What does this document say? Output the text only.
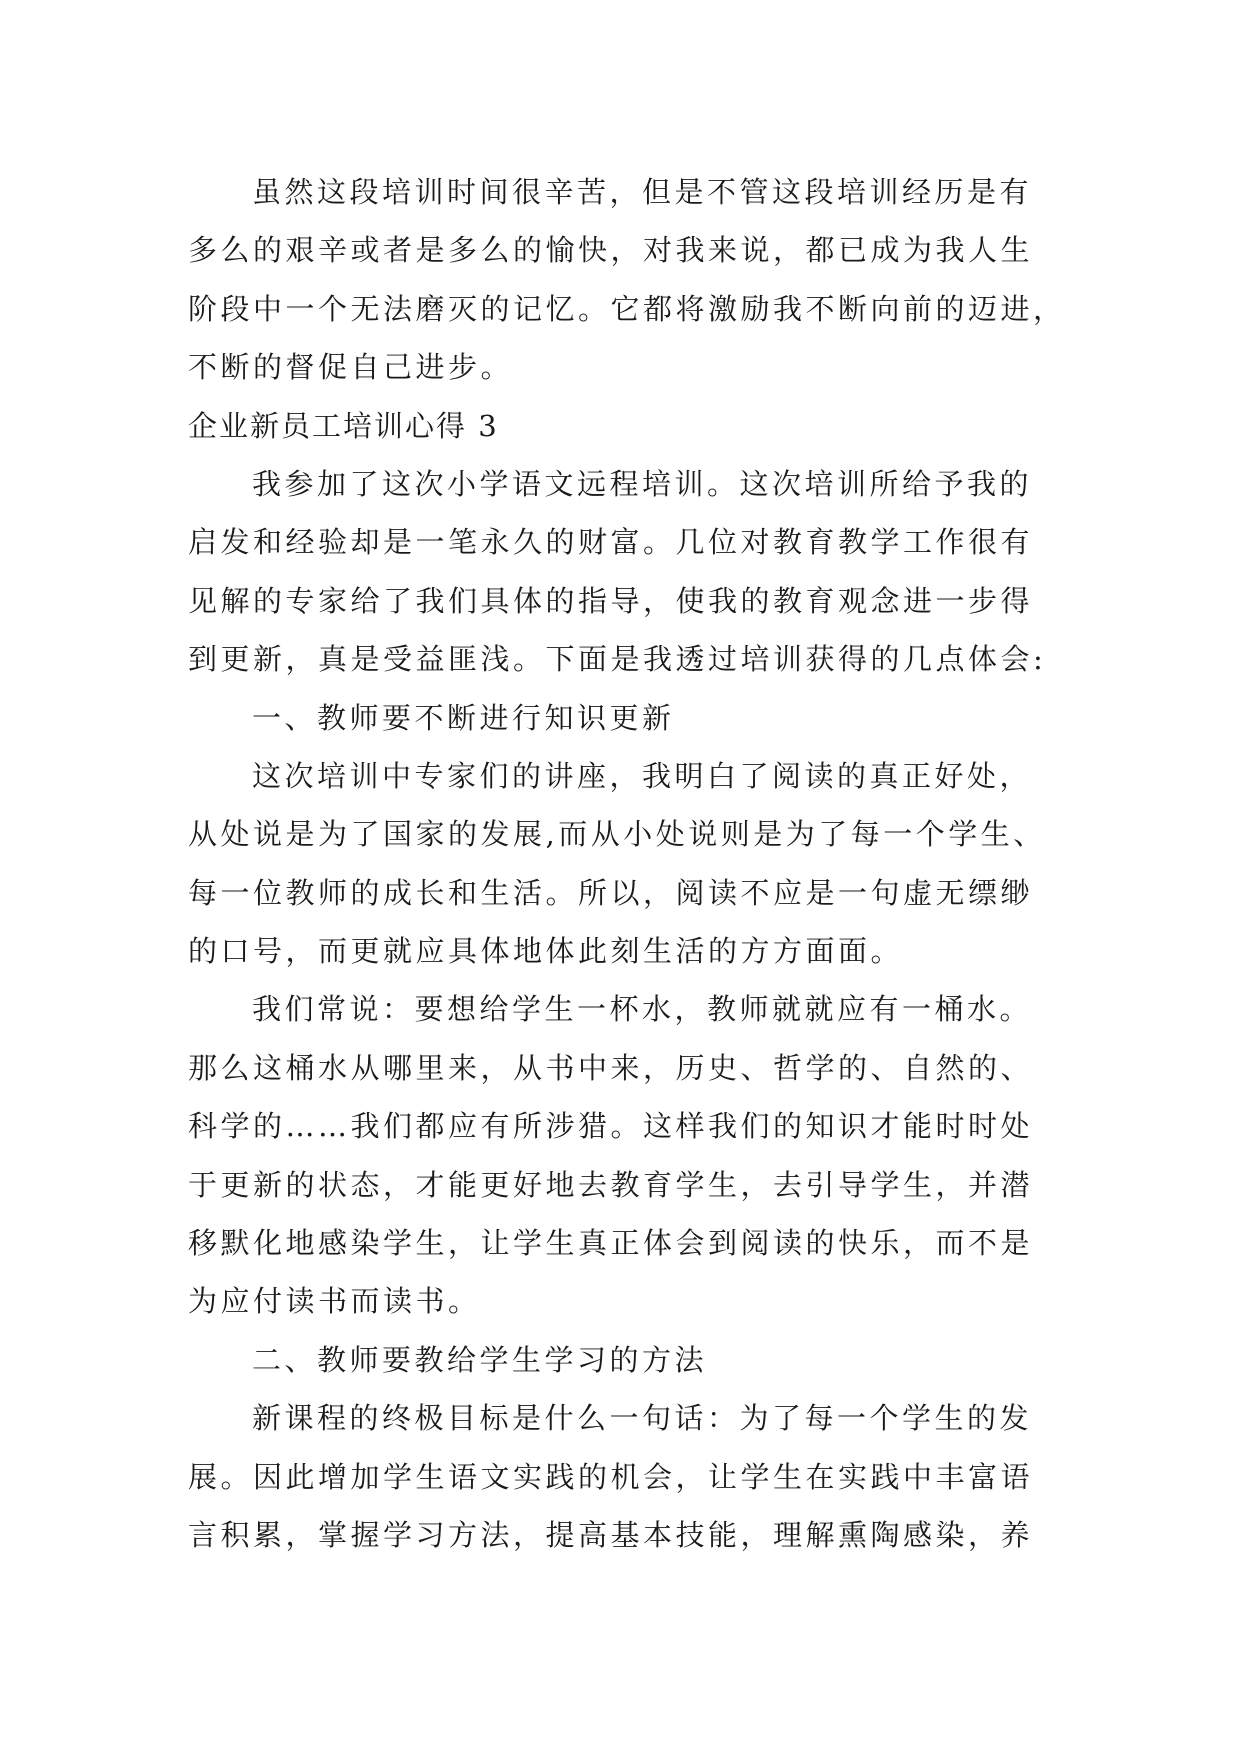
虽然这段培训时间很辛苦，但是不管这段培训经历是有
多么的艰辛或者是多么的愉快，对我来说，都已成为我人生
阶段中一个无法磨灭的记忆。它都将激励我不断向前的迈进，
不断的督促自己进步。
企业新员工培训心得 3
我参加了这次小学语文远程培训。这次培训所给予我的
启发和经验却是一笔永久的财富。几位对教育教学工作很有
见解的专家给了我们具体的指导，使我的教育观念进一步得
到更新，真是受益匪浅。下面是我透过培训获得的几点体会:
一、教师要不断进行知识更新
这次培训中专家们的讲座，我明白了阅读的真正好处，
从处说是为了国家的发展,而从小处说则是为了每一个学生、
每一位教师的成长和生活。所以，阅读不应是一句虚无缥缈
的口号，而更就应具体地体此刻生活的方方面面。
我们常说：要想给学生一杯水，教师就就应有一桶水。
那么这桶水从哪里来，从书中来，历史、哲学的、自然的、
科学的……我们都应有所涉猎。这样我们的知识才能时时处
于更新的状态，才能更好地去教育学生，去引导学生，并潜
移默化地感染学生，让学生真正体会到阅读的快乐，而不是
为应付读书而读书。
二、教师要教给学生学习的方法
新课程的终极目标是什么一句话：为了每一个学生的发
展。因此增加学生语文实践的机会，让学生在实践中丰富语
言积累，掌握学习方法，提高基本技能，理解熏陶感染，养
